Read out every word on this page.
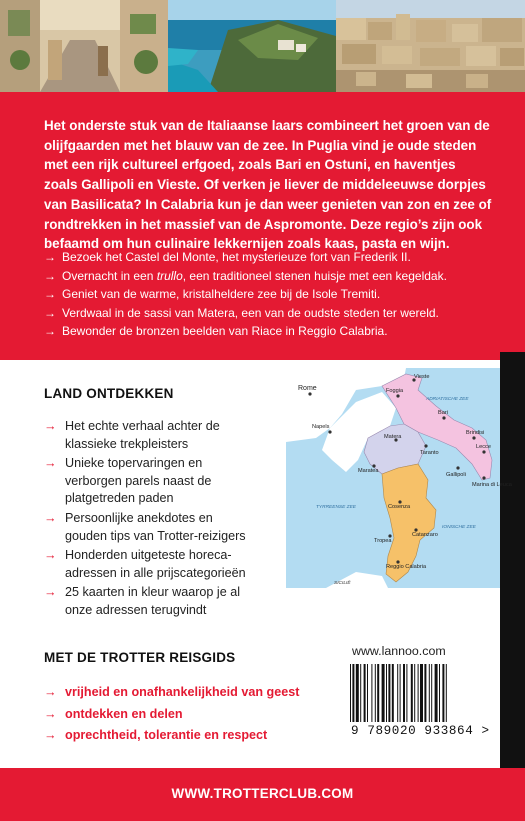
Het onderste stuk van de Italiaanse laars combineert het groen van de olijfgaarden met het blauw van de zee. In Puglia vind je oude steden met een rijk cultureel erfgoed, zoals Bari en Ostuni, en haventjes zoals Gallipoli en Vieste. Of verken je liever de middeleeuwse dorpjes van Basilicata? In Calabria kun je dan weer genieten van zon en zee of rondtrekken in het massief van de Aspromonte. Deze regio’s zijn ook befaamd om hun culinaire lekkernijen zoals kaas, pasta en wijn.

→ Bezoek het Castel del Monte, het mysterieuze fort van Frederik II.
→ Overnacht in een trullo, een traditioneel stenen huisje met een kegeldak.
→ Geniet van de warme, kristalheldere zee bij de Isole Tremiti.
→ Verdwaal in de sassi van Matera, een van de oudste steden ter wereld.
→ Bewonder de bronzen beelden van Riace in Reggio Calabria.
LAND ONTDEKKEN
→ Het echte verhaal achter de klassieke trekpleisters
→ Unieke topervaringen en verborgen parels naast de platgetreden paden
→ Persoonlijke anekdotes en gouden tips van Trotter-reizigers
→ Honderden uitgeteste horeca-adressen in alle prijscategorieën
→ 25 kaarten in kleur waarop je al onze adressen terugvindt
Rome
Napels
Foggia
Vieste
Bari
Brindisi
Lecce
Taranto
Matera
Gallipoli
Marina di Leuca
Maratea
Cosenza
Tropea
Catanzaro
Reggio Calabria
ADRIATISCHE ZEE
TYRREENSE ZEE
IONISCHE ZEE
SICILIË
MET DE TROTTER REISGIDS
→ vrijheid en onafhankelijkheid van geest
→ ontdekken en delen
→ oprechtheid, tolerantie en respect
www.lannoo.com
9 789020 933864 >
WWW.TROTTERCLUB.COM
